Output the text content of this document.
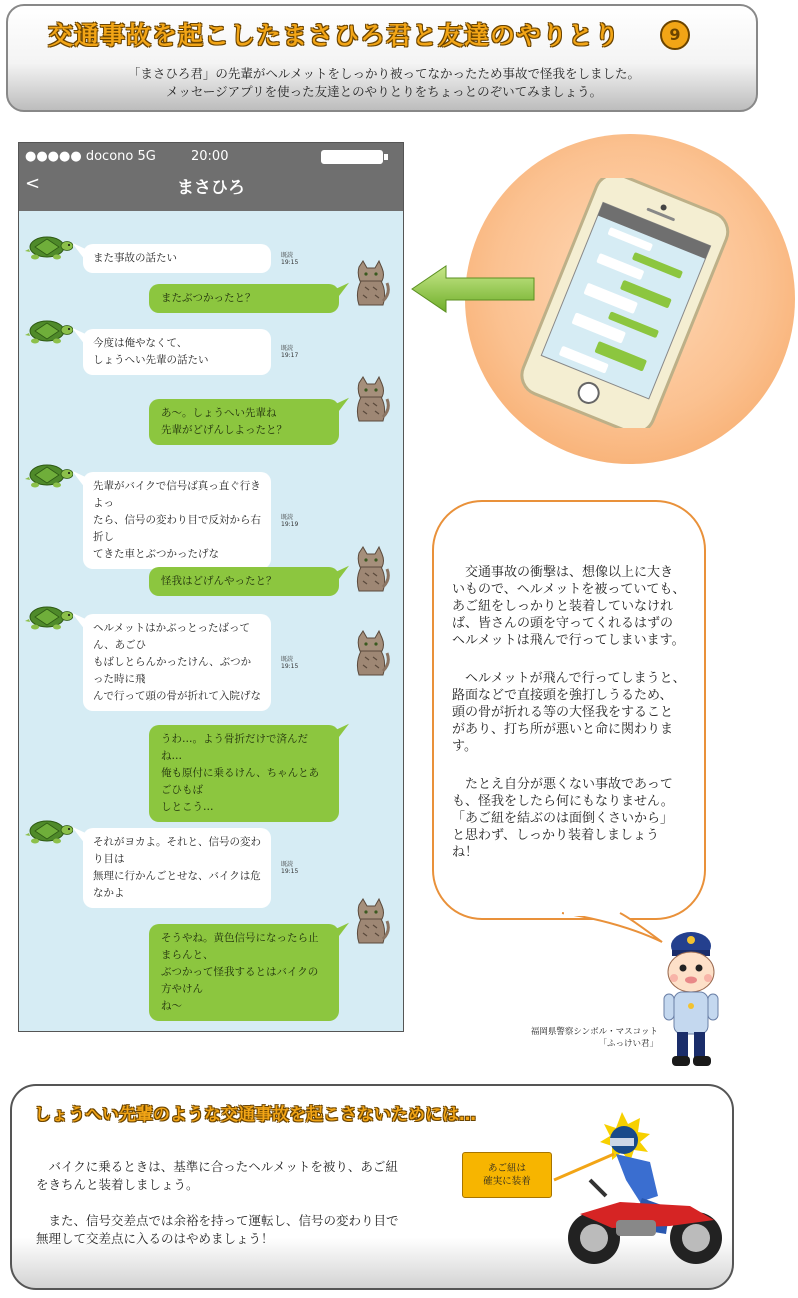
交通事故を起こしたまさひろ君と友達のやりとり	9
「まさひろ君」の先輩がヘルメットをしっかり被ってなかったため事故で怪我をしました。
メッセージアプリを使った友達とのやりとりをちょっとのぞいてみましょう。
●●●●● docono 5G	20:00
まさひろ
<
また事故の話たい	既読
19:15
またぶつかったと？
今度は俺やなくて、
しょうへい先輩の話たい
既読
19:17
あ～。しょうへい先輩ね
先輩がどげんしよったと？
先輩がバイクで信号ば真っ直ぐ行きよっ
たら、信号の変わり目で反対から右折し
てきた車とぶつかったげな
既読
19:19
怪我はどげんやったと？
ヘルメットはかぶっとったばってん、あごひ
もばしとらんかったけん、ぶつかった時に飛
んで行って頭の骨が折れて入院げな
既読
19:15
うわ…。よう骨折だけで済んだね…
俺も原付に乗るけん、ちゃんとあごひもば
しとこう…
それがヨカよ。それと、信号の変わり目は
無理に行かんごとせな、バイクは危なかよ
既読
19:15
そうやね。黄色信号になったら止まらんと、
ぶつかって怪我するとはバイクの方やけん
ね～
　交通事故の衝撃は、想像以上に大き
いもので、ヘルメットを被っていても、
あご紐をしっかりと装着していなけれ
ば、皆さんの頭を守ってくれるはずの
ヘルメットは飛んで行ってしまいます。
　ヘルメットが飛んで行ってしまうと、
路面などで直接頭を強打しうるため、
頭の骨が折れる等の大怪我をすること
があり、打ち所が悪いと命に関わりま
す。
　たとえ自分が悪くない事故であって
も、怪我をしたら何にもなりません。
「あご紐を結ぶのは面倒くさいから」
と思わず、しっかり装着しましょう
ね！
福岡県警察シンボル・マスコット
「ふっけい君」
しょうへい先輩のような交通事故を起こさないためには…
　バイクに乗るときは、基準に合ったヘルメットを被り、あご紐
をきちんと装着しましょう。
　また、信号交差点では余裕を持って運転し、信号の変わり目で
無理して交差点に入るのはやめましょう！
あご紐は
確実に装着
